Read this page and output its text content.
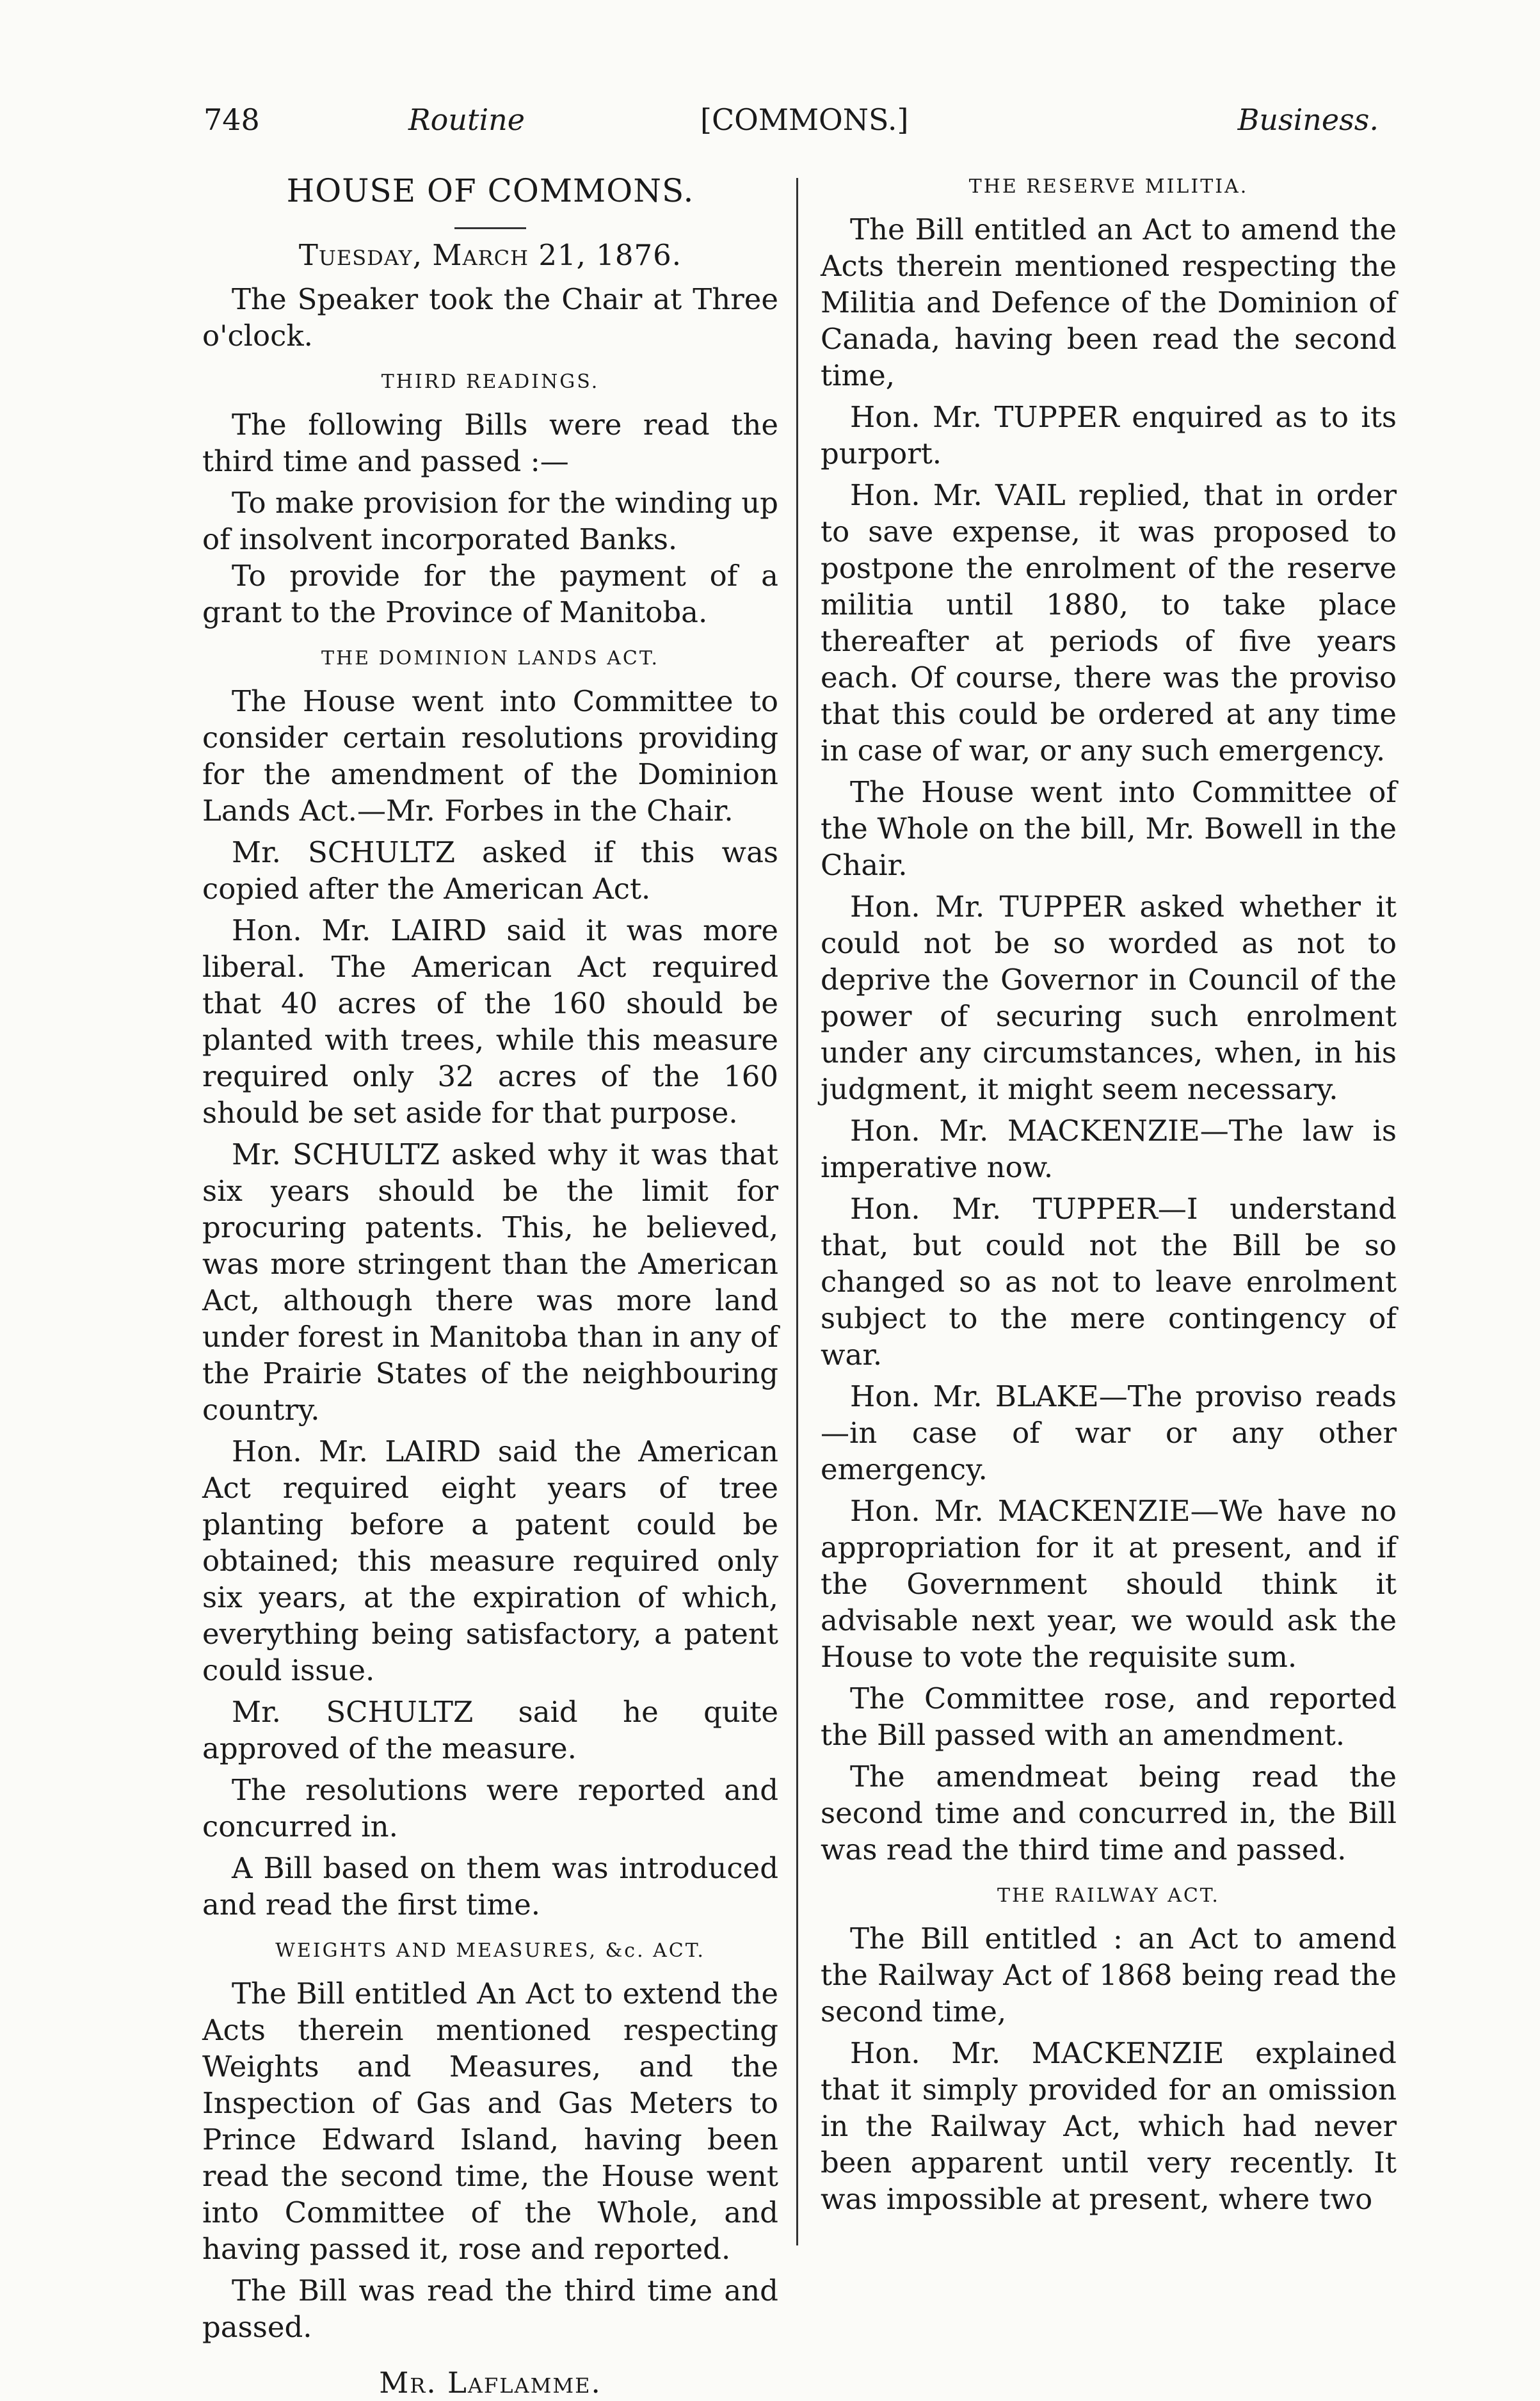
748	Routine	[COMMONS.]	Business.
HOUSE OF COMMONS.
Tuesday, March 21, 1876.

The Speaker took the Chair at Three o'clock.

THIRD READINGS.

The following Bills were read the third time and passed :—

To make provision for the winding up of insolvent incorporated Banks.

To provide for the payment of a grant to the Province of Manitoba.

THE DOMINION LANDS ACT.

The House went into Committee to consider certain resolutions providing for the amendment of the Dominion Lands Act.—Mr. Forbes in the Chair.

Mr. SCHULTZ asked if this was copied after the American Act.

Hon. Mr. LAIRD said it was more liberal. The American Act required that 40 acres of the 160 should be planted with trees, while this measure required only 32 acres of the 160 should be set aside for that purpose.

Mr. SCHULTZ asked why it was that six years should be the limit for procuring patents. This, he believed, was more stringent than the American Act, although there was more land under forest in Manitoba than in any of the Prairie States of the neighbouring country.

Hon. Mr. LAIRD said the American Act required eight years of tree planting before a patent could be obtained; this measure required only six years, at the expiration of which, everything being satisfactory, a patent could issue.

Mr. SCHULTZ said he quite approved of the measure.

The resolutions were reported and concurred in.

A Bill based on them was introduced and read the first time.

WEIGHTS AND MEASURES, &c. ACT.

The Bill entitled An Act to extend the Acts therein mentioned respecting Weights and Measures, and the Inspection of Gas and Gas Meters to Prince Edward Island, having been read the second time, the House went into Committee of the Whole, and having passed it, rose and reported.

The Bill was read the third time and passed.

Mr. Laflamme.
THE RESERVE MILITIA.

The Bill entitled an Act to amend the Acts therein mentioned respecting the Militia and Defence of the Dominion of Canada, having been read the second time,

Hon. Mr. TUPPER enquired as to its purport.

Hon. Mr. VAIL replied, that in order to save expense, it was proposed to postpone the enrolment of the reserve militia until 1880, to take place thereafter at periods of five years each. Of course, there was the proviso that this could be ordered at any time in case of war, or any such emergency.

The House went into Committee of the Whole on the bill, Mr. Bowell in the Chair.

Hon. Mr. TUPPER asked whether it could not be so worded as not to deprive the Governor in Council of the power of securing such enrolment under any circumstances, when, in his judgment, it might seem necessary.

Hon. Mr. MACKENZIE—The law is imperative now.

Hon. Mr. TUPPER—I understand that, but could not the Bill be so changed so as not to leave enrolment subject to the mere contingency of war.

Hon. Mr. BLAKE—The proviso reads—in case of war or any other emergency.

Hon. Mr. MACKENZIE—We have no appropriation for it at present, and if the Government should think it advisable next year, we would ask the House to vote the requisite sum.

The Committee rose, and reported the Bill passed with an amendment.

The amendmeat being read the second time and concurred in, the Bill was read the third time and passed.

THE RAILWAY ACT.

The Bill entitled : an Act to amend the Railway Act of 1868 being read the second time,

Hon. Mr. MACKENZIE explained that it simply provided for an omission in the Railway Act, which had never been apparent until very recently. It was impossible at present, where two
